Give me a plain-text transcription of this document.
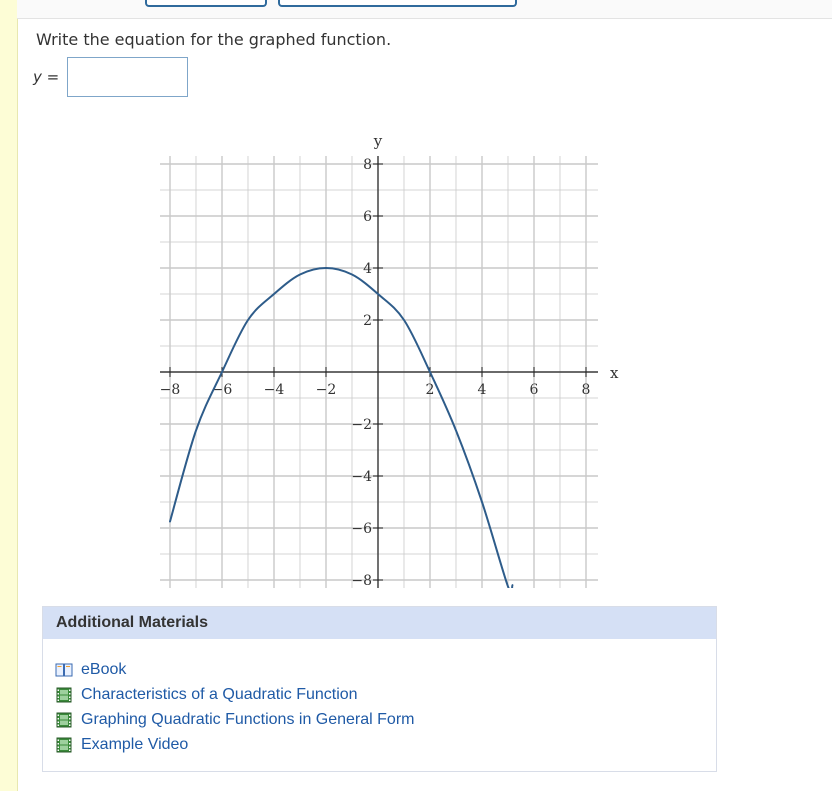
Write the equation for the graphed function.
y =
−8 −6 −4 −2	2	4	6	8
8
6
4
2
−2
−4
−6
−8
x
y
Additional Materials
eBook
Characteristics of a Quadratic Function
Graphing Quadratic Functions in General Form
Example Video
